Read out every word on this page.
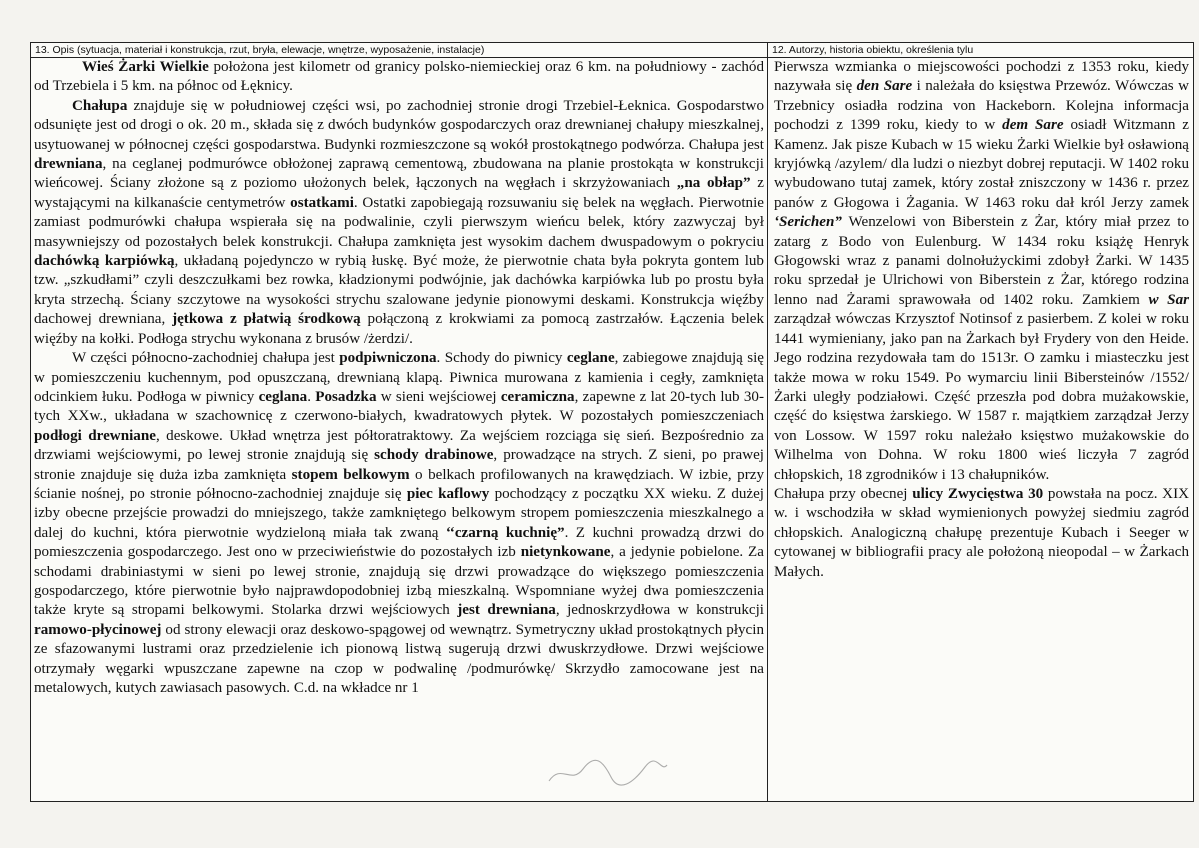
13. Opis (sytuacja, materiał i konstrukcja, rzut, bryła, elewacje, wnętrze, wyposażenie, instalacje)

Wieś Żarki Wielkie położona jest kilometr od granicy polsko-niemieckiej oraz 6 km. na południowy - zachód od Trzebiela i 5 km. na północ od Łęknicy.

Chałupa znajduje się w południowej części wsi, po zachodniej stronie drogi Trzebiel-Łeknica. Gospodarstwo odsunięte jest od drogi o ok. 20 m., składa się z dwóch budynków gospodarczych oraz drewnianej chałupy mieszkalnej, usytuowanej w północnej części gospodarstwa. Budynki rozmieszczone są wokół prostokątnego podwórza. Chałupa jest drewniana, na ceglanej podmurówce obłożonej zaprawą cementową, zbudowana na planie prostokąta w konstrukcji wieńcowej. Ściany złożone są z poziomo ułożonych belek, łączonych na węgłach i skrzyżowaniach „na obłap” z wystającymi na kilkanaście centymetrów ostatkami. Ostatki zapobiegają rozsuwaniu się belek na węgłach. Pierwotnie zamiast podmurówki chałupa wspierała się na podwalinie, czyli pierwszym wieńcu belek, który zazwyczaj był masywniejszy od pozostałych belek konstrukcji. Chałupa zamknięta jest wysokim dachem dwuspadowym o pokryciu dachówką karpiówką, układaną pojedynczo w rybią łuskę. Być może, że pierwotnie chata była pokryta gontem lub tzw. „szkudłami” czyli deszczułkami bez rowka, kładzionymi podwójnie, jak dachówka karpiówka lub po prostu była kryta strzechą. Ściany szczytowe na wysokości strychu szalowane jedynie pionowymi deskami. Konstrukcja więźby dachowej drewniana, jętkowa z płatwią środkową połączoną z krokwiami za pomocą zastrzałów. Łączenia belek więźby na kołki. Podłoga strychu wykonana z brusów /żerdzi/.

W części północno-zachodniej chałupa jest podpiwniczona. Schody do piwnicy ceglane, zabiegowe znajdują się w pomieszczeniu kuchennym, pod opuszczaną, drewnianą klapą. Piwnica murowana z kamienia i cegły, zamknięta odcinkiem łuku. Podłoga w piwnicy ceglana. Posadzka w sieni wejściowej ceramiczna, zapewne z lat 20-tych lub 30-tych XXw., układana w szachownicę z czerwono-białych, kwadratowych płytek. W pozostałych pomieszczeniach podłogi drewniane, deskowe. Układ wnętrza jest półtoratraktowy. Za wejściem rozciąga się sień. Bezpośrednio za drzwiami wejściowymi, po lewej stronie znajdują się schody drabinowe, prowadzące na strych. Z sieni, po prawej stronie znajduje się duża izba zamknięta stopem belkowym o belkach profilowanych na krawędziach. W izbie, przy ścianie nośnej, po stronie północno-zachodniej znajduje się piec kaflowy pochodzący z początku XX wieku. Z dużej izby obecne przejście prowadzi do mniejszego, także zamkniętego belkowym stropem pomieszczenia mieszkalnego a dalej do kuchni, która pierwotnie wydzieloną miała tak zwaną ‘‘czarną kuchnię”. Z kuchni prowadzą drzwi do pomieszczenia gospodarczego. Jest ono w przeciwieństwie do pozostałych izb nietynkowane, a jedynie pobielone. Za schodami drabiniastymi w sieni po lewej stronie, znajdują się drzwi prowadzące do większego pomieszczenia gospodarczego, które pierwotnie było najprawdopodobniej izbą mieszkalną. Wspomniane wyżej dwa pomieszczenia także kryte są stropami belkowymi. Stolarka drzwi wejściowych jest drewniana, jednoskrzydłowa w konstrukcji ramowo-płycinowej od strony elewacji oraz deskowo-spągowej od wewnątrz. Symetryczny układ prostokątnych płycin ze sfazowanymi lustrami oraz przedzielenie ich pionową listwą sugerują drzwi dwuskrzydłowe. Drzwi wejściowe otrzymały węgarki wpuszczane zapewne na czop w podwalinę /podmurówkę/ Skrzydło zamocowane jest na metalowych, kutych zawiasach pasowych. C.d. na wkładce nr 1

12. Autorzy, historia obiektu, określenia tylu

Pierwsza wzmianka o miejscowości pochodzi z 1353 roku, kiedy nazywała się den Sare i należała do księstwa Przewóz. Wówczas w Trzebnicy osiadła rodzina von Hackeborn. Kolejna informacja pochodzi z 1399 roku, kiedy to w dem Sare osiadł Witzmann z Kamenz. Jak pisze Kubach w 15 wieku Żarki Wielkie był osławioną kryjówką /azylem/ dla ludzi o niezbyt dobrej reputacji. W 1402 roku wybudowano tutaj zamek, który został zniszczony w 1436 r. przez panów z Głogowa i Żagania. W 1463 roku dał król Jerzy zamek ‘Serichen” Wenzelowi von Biberstein z Żar, który miał przez to zatarg z Bodo von Eulenburg. W 1434 roku książę Henryk Głogowski wraz z panami dolnołużyckimi zdobył Żarki. W 1435 roku sprzedał je Ulrichowi von Biberstein z Żar, którego rodzina lenno nad Żarami sprawowała od 1402 roku. Zamkiem w Sar zarządzał wówczas Krzysztof Notinsof z pasierbem. Z kolei w roku 1441 wymieniany, jako pan na Żarkach był Frydery von den Heide. Jego rodzina rezydowała tam do 1513r. O zamku i miasteczku jest także mowa w roku 1549. Po wymarciu linii Bibersteinów /1552/ Żarki uległy podziałowi. Część przeszła pod dobra mużakowskie, część do księstwa żarskiego. W 1587 r. majątkiem zarządzał Jerzy von Lossow. W 1597 roku należało księstwo mużakowskie do Wilhelma von Dohna. W roku 1800 wieś liczyła 7 zagród chłopskich, 18 zgrodników i 13 chałupników.

Chałupa przy obecnej ulicy Zwycięstwa 30 powstała na pocz. XIX w. i wschodziła w skład wymienionych powyżej siedmiu zagród chłopskich. Analogiczną chałupę prezentuje Kubach i Seeger w cytowanej w bibliografii pracy ale położoną nieopodal – w Żarkach Małych.
